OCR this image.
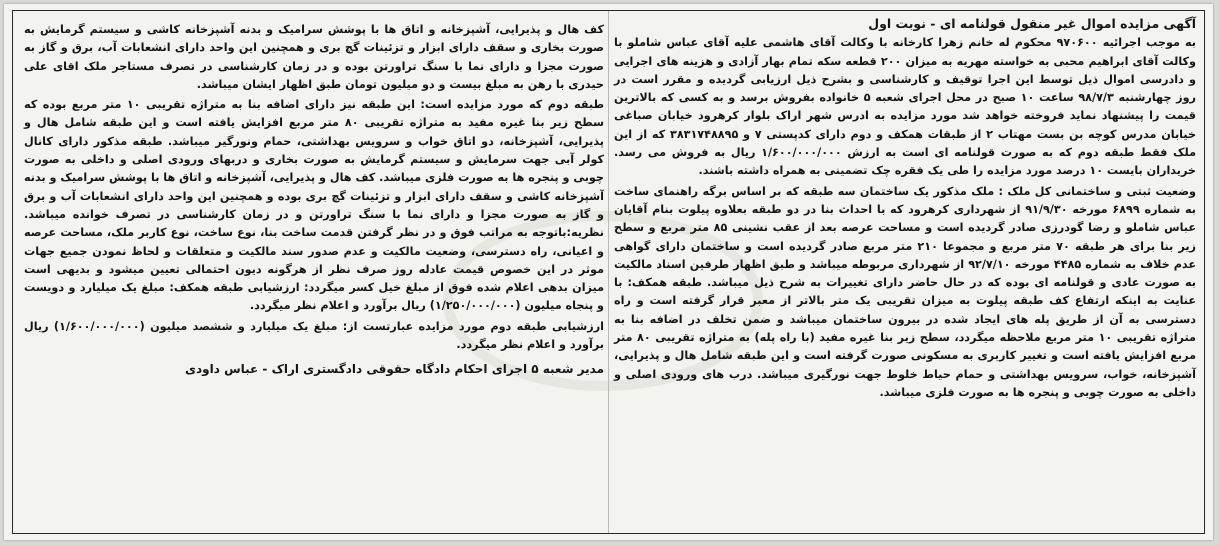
آگهی مزایده اموال غیر منقول قولنامه ای - نوبت اول

به موجب اجرائیه ۹۷۰۶۰۰ محکوم له خانم زهرا کارخانه با وکالت آقای هاشمی علیه آقای عباس شاملو با وکالت آقای ابراهیم محبی به خواسته مهریه به میزان ۲۰۰ قطعه سکه تمام بهار آزادی و هزینه های اجرایی و دادرسی اموال ذیل توسط این اجرا توقیف و کارشناسی و بشرح ذیل ارزیابی گردیده و مقرر است در روز چهارشنبه ۹۸/۷/۳ ساعت ۱۰ صبح در محل اجرای شعبه ۵ خانواده بفروش برسد و به کسی که بالاترین قیمت را پیشنهاد نماید فروخته خواهد شد مورد مزایده به ادرس شهر اراک بلوار کرهرود خیابان صباغی خیابان مدرس کوچه بن بست مهتاب ۲ از طبقات همکف و دوم دارای کدپستی ۷ و ۳۸۳۱۷۴۸۸۹۵ که از این ملک فقط طبقه دوم که به صورت قولنامه ای است به ارزش ۱/۶۰۰/۰۰۰/۰۰۰ ریال به فروش می رسد. خریداران بایست ۱۰ درصد مورد مزایده را طی یک فقره چک تضمینی به همراه داشته باشند.

وضعیت ثبتی و ساختمانی کل ملک : ملک مذکور یک ساختمان سه طبقه که بر اساس برگه راهنمای ساخت به شماره ۶۸۹۹ مورخه ۹۱/۹/۳۰ از شهرداری کرهرود که با احداث بنا در دو طبقه بعلاوه پیلوت بنام آقایان عباس شاملو و رضا گودرزی صادر گردیده است و مساحت عرصه بعد از عقب نشینی ۸۵ متر مربع و سطح زیر بنا برای هر طبقه ۷۰ متر مربع و مجموعا ۲۱۰ متر مربع صادر گردیده است و ساختمان دارای گواهی عدم خلاف به شماره ۴۴۸۵ مورخه ۹۲/۷/۱۰ از شهرداری مربوطه میباشد و طبق اظهار طرفین اسناد مالکیت به صورت عادی و قولنامه ای بوده که در حال حاضر دارای تغییرات به شرح ذیل میباشد. طبقه همکف: با عنایت به اینکه ارتفاع کف طبقه پیلوت به میزان تقریبی یک متر بالاتر از معبر قرار گرفته است و راه دسترسی به آن از طریق پله های ایجاد شده در بیرون ساختمان میباشد و ضمن تخلف در اضافه بنا به متراژه تقریبی ۱۰ متر مربع ملاحظه میگردد، سطح زیر بنا غیره مفید (با راه پله) به متراژه تقریبی ۸۰ متر مربع افزایش یافته است و تغییر کاربری به مسکونی صورت گرفته است و این طبقه شامل هال و پذیرایی، آشپزخانه، خواب، سرویس بهداشتی و حمام حیاط خلوط جهت نورگیری میباشد. درب های ورودی اصلی و داخلی به صورت چوبی و پنجره ها به صورت فلزی میباشد.

کف هال و پذیرایی، آشپزخانه و اتاق ها با پوشش سرامیک و بدنه آشپزخانه کاشی و سیستم گرمایش به صورت بخاری و سقف دارای ابزار و تزئینات گچ بری و همچنین این واحد دارای انشعابات آب، برق و گاز به صورت مجزا و دارای نما با سنگ تراورتن بوده و در زمان کارشناسی در تصرف مستاجر ملک اقای علی حیدری با رهن به مبلغ بیست و دو میلیون تومان طبق اظهار ایشان میباشد.

طبقه دوم که مورد مزایده است: این طبقه نیز دارای اضافه بنا به متراژه تقریبی ۱۰ متر مربع بوده که سطح زیر بنا غیره مفید به متراژه تقریبی ۸۰ متر مربع افزایش یافته است و این طبقه شامل هال و پذیرایی، آشپزخانه، دو اتاق خواب و سرویس بهداشتی، حمام ونورگیر میباشد. طبقه مذکور دارای کانال کولر آبی جهت سرمایش و سیستم گرمایش به صورت بخاری و دربهای ورودی اصلی و داخلی به صورت چوبی و پنجره ها به صورت فلزی میباشد. کف هال و پذیرایی، آشپزخانه و اتاق ها با پوشش سرامیک و بدنه آشپزخانه کاشی و سقف دارای ابزار و تزئینات گچ بری بوده و همچنین این واحد دارای انشعابات آب و برق و گاز به صورت مجزا و دارای نما با سنگ تراورتن و در زمان کارشناسی در تصرف خوانده میباشد. نظریه:باتوجه به مراتب فوق و در نظر گرفتن قدمت ساخت بنا، نوع ساخت، نوع کاربر ملک، مساحت عرصه و اعیانی، راه دسترسی، وضعیت مالکیت و عدم صدور سند مالکیت و متعلقات و لحاظ نمودن جمیع جهات موثر در این خصوص قیمت عادله روز صرف نظر از هرگونه دیون احتمالی تعیین میشود و بدیهی است میزان بدهی اعلام شده فوق از مبلغ خیل کسر میگردد: ارزشیابی طبقه همکف: مبلغ یک میلیارد و دویست و پنجاه میلیون (۱/۲۵۰/۰۰۰/۰۰۰) ریال برآورد و اعلام نظر میگردد.

ارزشیابی طبقه دوم مورد مزایده عبارتست از: مبلغ یک میلیارد و ششصد میلیون (۱/۶۰۰/۰۰۰/۰۰۰) ریال برآورد و اعلام نظر میگردد.

مدیر شعبه ۵ اجرای احکام دادگاه حقوقی دادگستری اراک - عباس داودی
